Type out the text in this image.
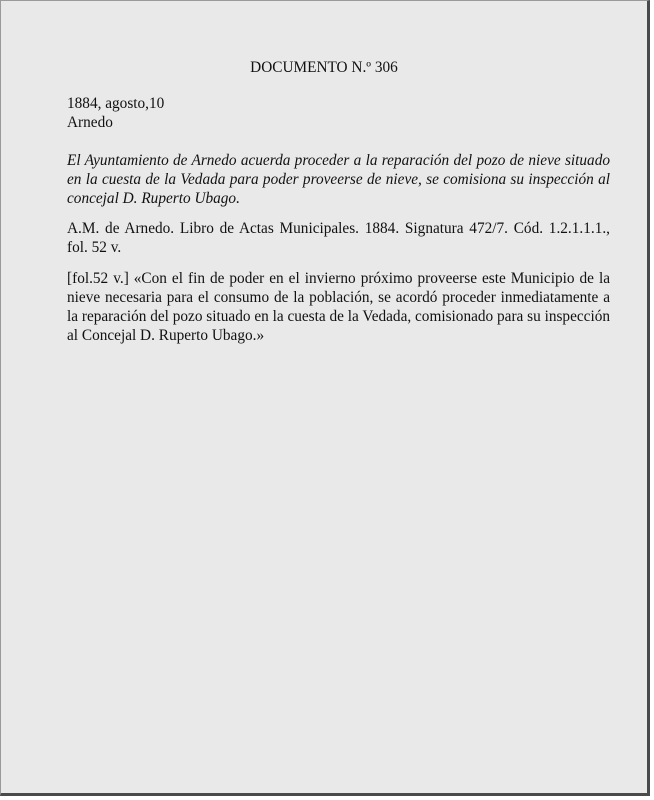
DOCUMENTO N.º 306
1884, agosto,10
Arnedo
El Ayuntamiento de Arnedo acuerda proceder a la reparación del pozo de nieve situado en la cuesta de la Vedada para poder proveerse de nieve, se comisiona su inspección al concejal D. Ruperto Ubago.
A.M. de Arnedo. Libro de Actas Municipales. 1884. Signatura 472/7. Cód. 1.2.1.1.1., fol. 52 v.
[fol.52 v.] «Con el fin de poder en el invierno próximo proveerse este Municipio de la nieve necesaria para el consumo de la población, se acordó proceder inmediatamente a la reparación del pozo situado en la cuesta de la Vedada, comisionado para su inspección al Concejal D. Ruperto Ubago.»
